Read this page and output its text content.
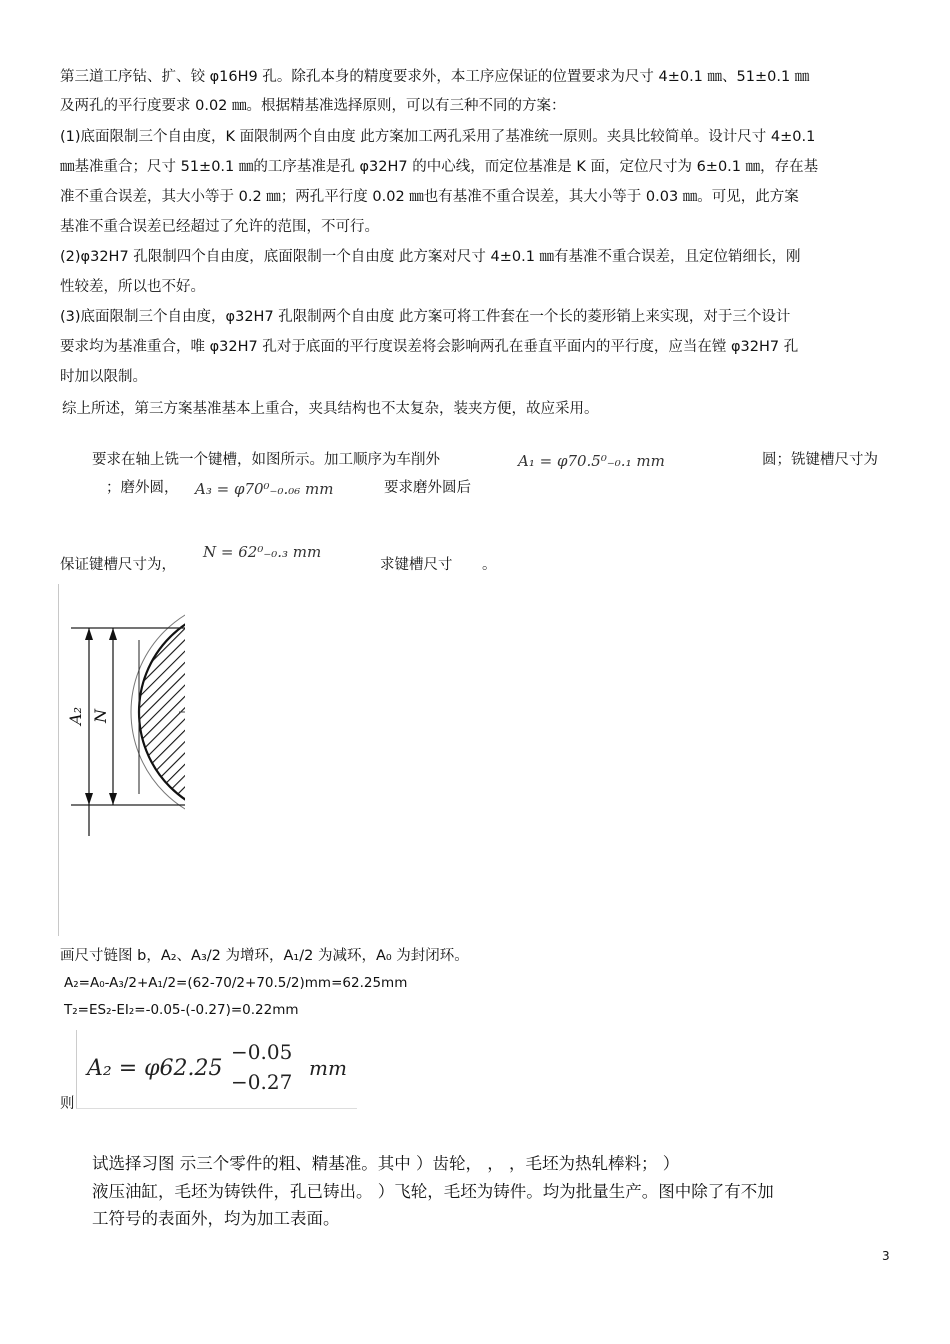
第三道工序钻、扩、铰 φ16H9 孔。除孔本身的精度要求外，本工序应保证的位置要求为尺寸 4±0.1 ㎜、51±0.1 ㎜
及两孔的平行度要求 0.02 ㎜。根据精基准选择原则，可以有三种不同的方案：
(1)底面限制三个自由度，K 面限制两个自由度 此方案加工两孔采用了基准统一原则。夹具比较简单。设计尺寸 4±0.1
㎜基准重合；尺寸 51±0.1 ㎜的工序基准是孔 φ32H7 的中心线，而定位基准是 K 面，定位尺寸为 6±0.1 ㎜，存在基
准不重合误差，其大小等于 0.2 ㎜；两孔平行度 0.02 ㎜也有基准不重合误差，其大小等于 0.03 ㎜。可见，此方案
基准不重合误差已经超过了允许的范围，不可行。
(2)φ32H7 孔限制四个自由度，底面限制一个自由度 此方案对尺寸 4±0.1 ㎜有基准不重合误差，且定位销细长，刚
性较差，所以也不好。
(3)底面限制三个自由度，φ32H7 孔限制两个自由度 此方案可将工件套在一个长的菱形销上来实现，对于三个设计
要求均为基准重合，唯 φ32H7 孔对于底面的平行度误差将会影响两孔在垂直平面内的平行度，应当在镗 φ32H7 孔
时加以限制。
综上所述，第三方案基准基本上重合，夹具结构也不太复杂，装夹方便，故应采用。
要求在轴上铣一个键槽，如图所示。加工顺序为车削外	A₁ = φ70.5⁰₋₀.₁ mm	圆；铣键槽尺寸为
；磨外圆， A₃ = φ70⁰₋₀.₀₆ mm	要求磨外圆后
保证键槽尺寸为，
N = 62⁰₋₀.₃ mm
求键槽尺寸 。
A₂ N
画尺寸链图 b，A₂、A₃/2 为增环，A₁/2 为减环，A₀ 为封闭环。
A₂=A₀-A₃/2+A₁/2=(62-70/2+70.5/2)mm=62.25mm
T₂=ES₂-EI₂=-0.05-(-0.27)=0.22mm
则
A₂ = φ62.25
−0.05
−0.27
mm
试选择习图 示三个零件的粗、精基准。其中 ）齿轮， ， ，毛坯为热轧棒料； ）
液压油缸，毛坯为铸铁件，孔已铸出。 ）飞轮，毛坯为铸件。均为批量生产。图中除了有不加
工符号的表面外，均为加工表面。
3
